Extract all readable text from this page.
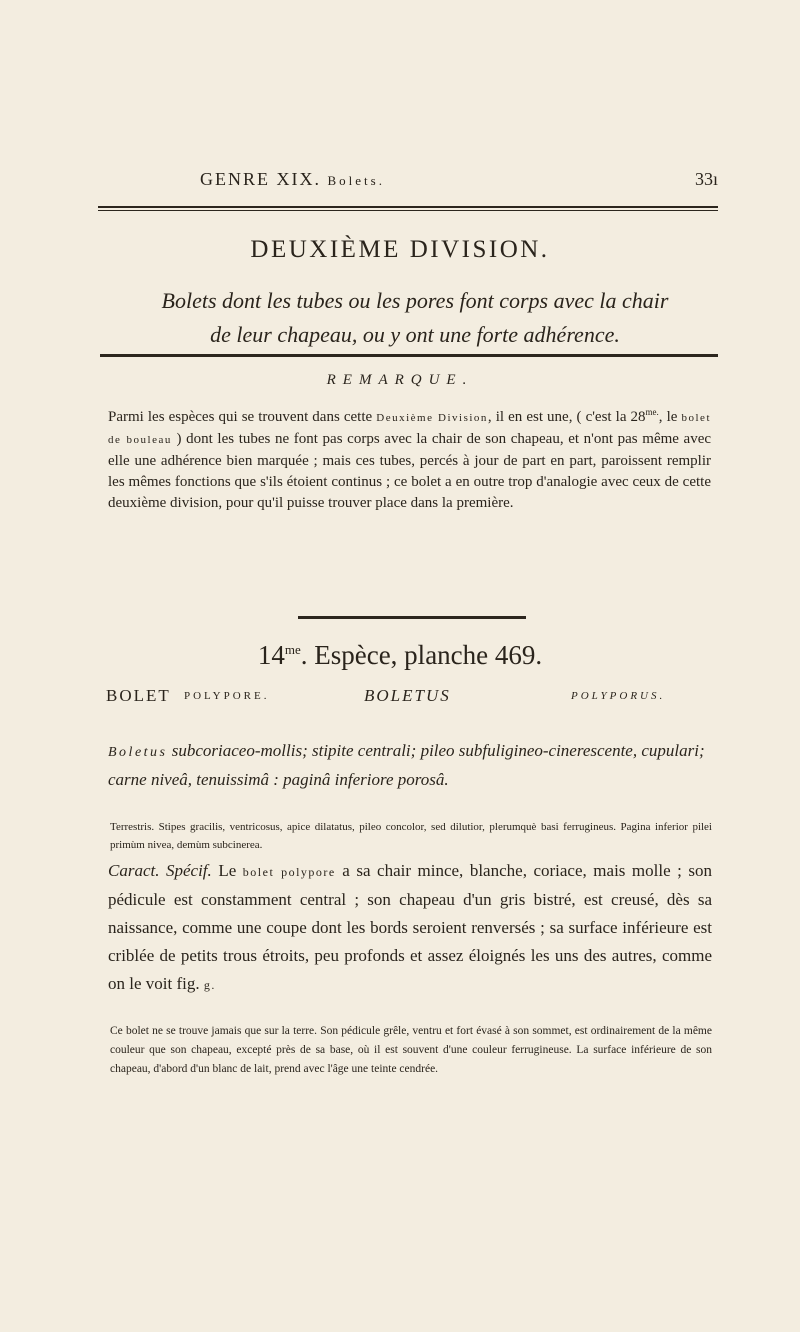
GENRE XIX. Bolets.	33ı
DEUXIÈME DIVISION.
Bolets dont les tubes ou les pores font corps avec la chair
de leur chapeau, ou y ont une forte adhérence.
REMARQUE.
Parmi les espèces qui se trouvent dans cette Deuxième Division, il en est une, ( c'est la $28^{me.}$, le bolet de bouleau ) dont les tubes ne font pas corps avec la chair de son chapeau, et n'ont pas même avec elle une adhérence bien marquée ; mais ces tubes, percés à jour de part en part, paroissent remplir les mêmes fonctions que s'ils étoient continus ; ce bolet a en outre trop d'analogie avec ceux de cette deuxième division, pour qu'il puisse trouver place dans la première.
$14^{me}$. Espèce, planche 469.
BOLET POLYPORE.	BOLETUS	POLYPORUS.
Boletus subcoriaceo-mollis; stipite centrali; pileo subfuligineo-cinerescente, cupulari; carne niveâ, tenuissimâ : paginâ inferiore porosâ.
Terrestris. Stipes gracilis, ventricosus, apice dilatatus, pileo concolor, sed dilutior, plerumquè basi ferrugineus. Pagina inferior pilei primùm nivea, demùm subcinerea.
Caract. Spécif. Le bolet polypore a sa chair mince, blanche, coriace, mais molle ; son pédicule est constamment central ; son chapeau d'un gris bistré, est creusé, dès sa naissance, comme une coupe dont les bords seroient renversés ; sa surface inférieure est criblée de petits trous étroits, peu profonds et assez éloignés les uns des autres, comme on le voit fig. g.
Ce bolet ne se trouve jamais que sur la terre. Son pédicule grêle, ventru et fort évasé à son sommet, est ordinairement de la même couleur que son chapeau, excepté près de sa base, où il est souvent d'une couleur ferrugineuse. La surface inférieure de son chapeau, d'abord d'un blanc de lait, prend avec l'âge une teinte cendrée.
